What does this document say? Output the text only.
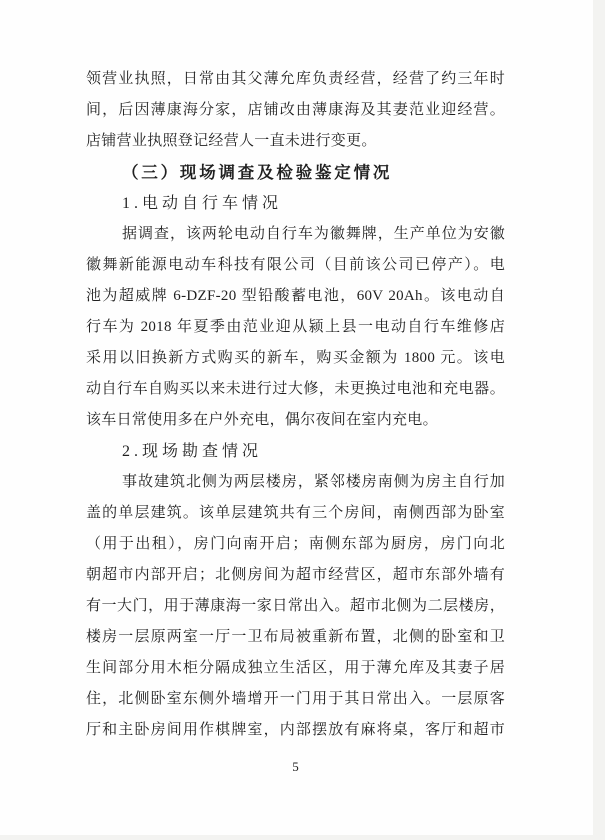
领营业执照，日常由其父薄允库负责经营，经营了约三年时
间，后因薄康海分家，店铺改由薄康海及其妻范业迎经营。
店铺营业执照登记经营人一直未进行变更。
（三）现场调查及检验鉴定情况
1.电动自行车情况
据调查，该两轮电动自行车为徽舞牌，生产单位为安徽
徽舞新能源电动车科技有限公司（目前该公司已停产）。电
池为超威牌 6-DZF-20 型铅酸蓄电池，60V 20Ah。该电动自
行车为 2018 年夏季由范业迎从颍上县一电动自行车维修店
采用以旧换新方式购买的新车，购买金额为 1800 元。该电
动自行车自购买以来未进行过大修，未更换过电池和充电器。
该车日常使用多在户外充电，偶尔夜间在室内充电。
2.现场勘查情况
事故建筑北侧为两层楼房，紧邻楼房南侧为房主自行加
盖的单层建筑。该单层建筑共有三个房间，南侧西部为卧室
（用于出租），房门向南开启；南侧东部为厨房，房门向北
朝超市内部开启；北侧房间为超市经营区，超市东部外墙有
有一大门，用于薄康海一家日常出入。超市北侧为二层楼房，
楼房一层原两室一厅一卫布局被重新布置，北侧的卧室和卫
生间部分用木柜分隔成独立生活区，用于薄允库及其妻子居
住，北侧卧室东侧外墙增开一门用于其日常出入。一层原客
厅和主卧房间用作棋牌室，内部摆放有麻将桌，客厅和超市
5
